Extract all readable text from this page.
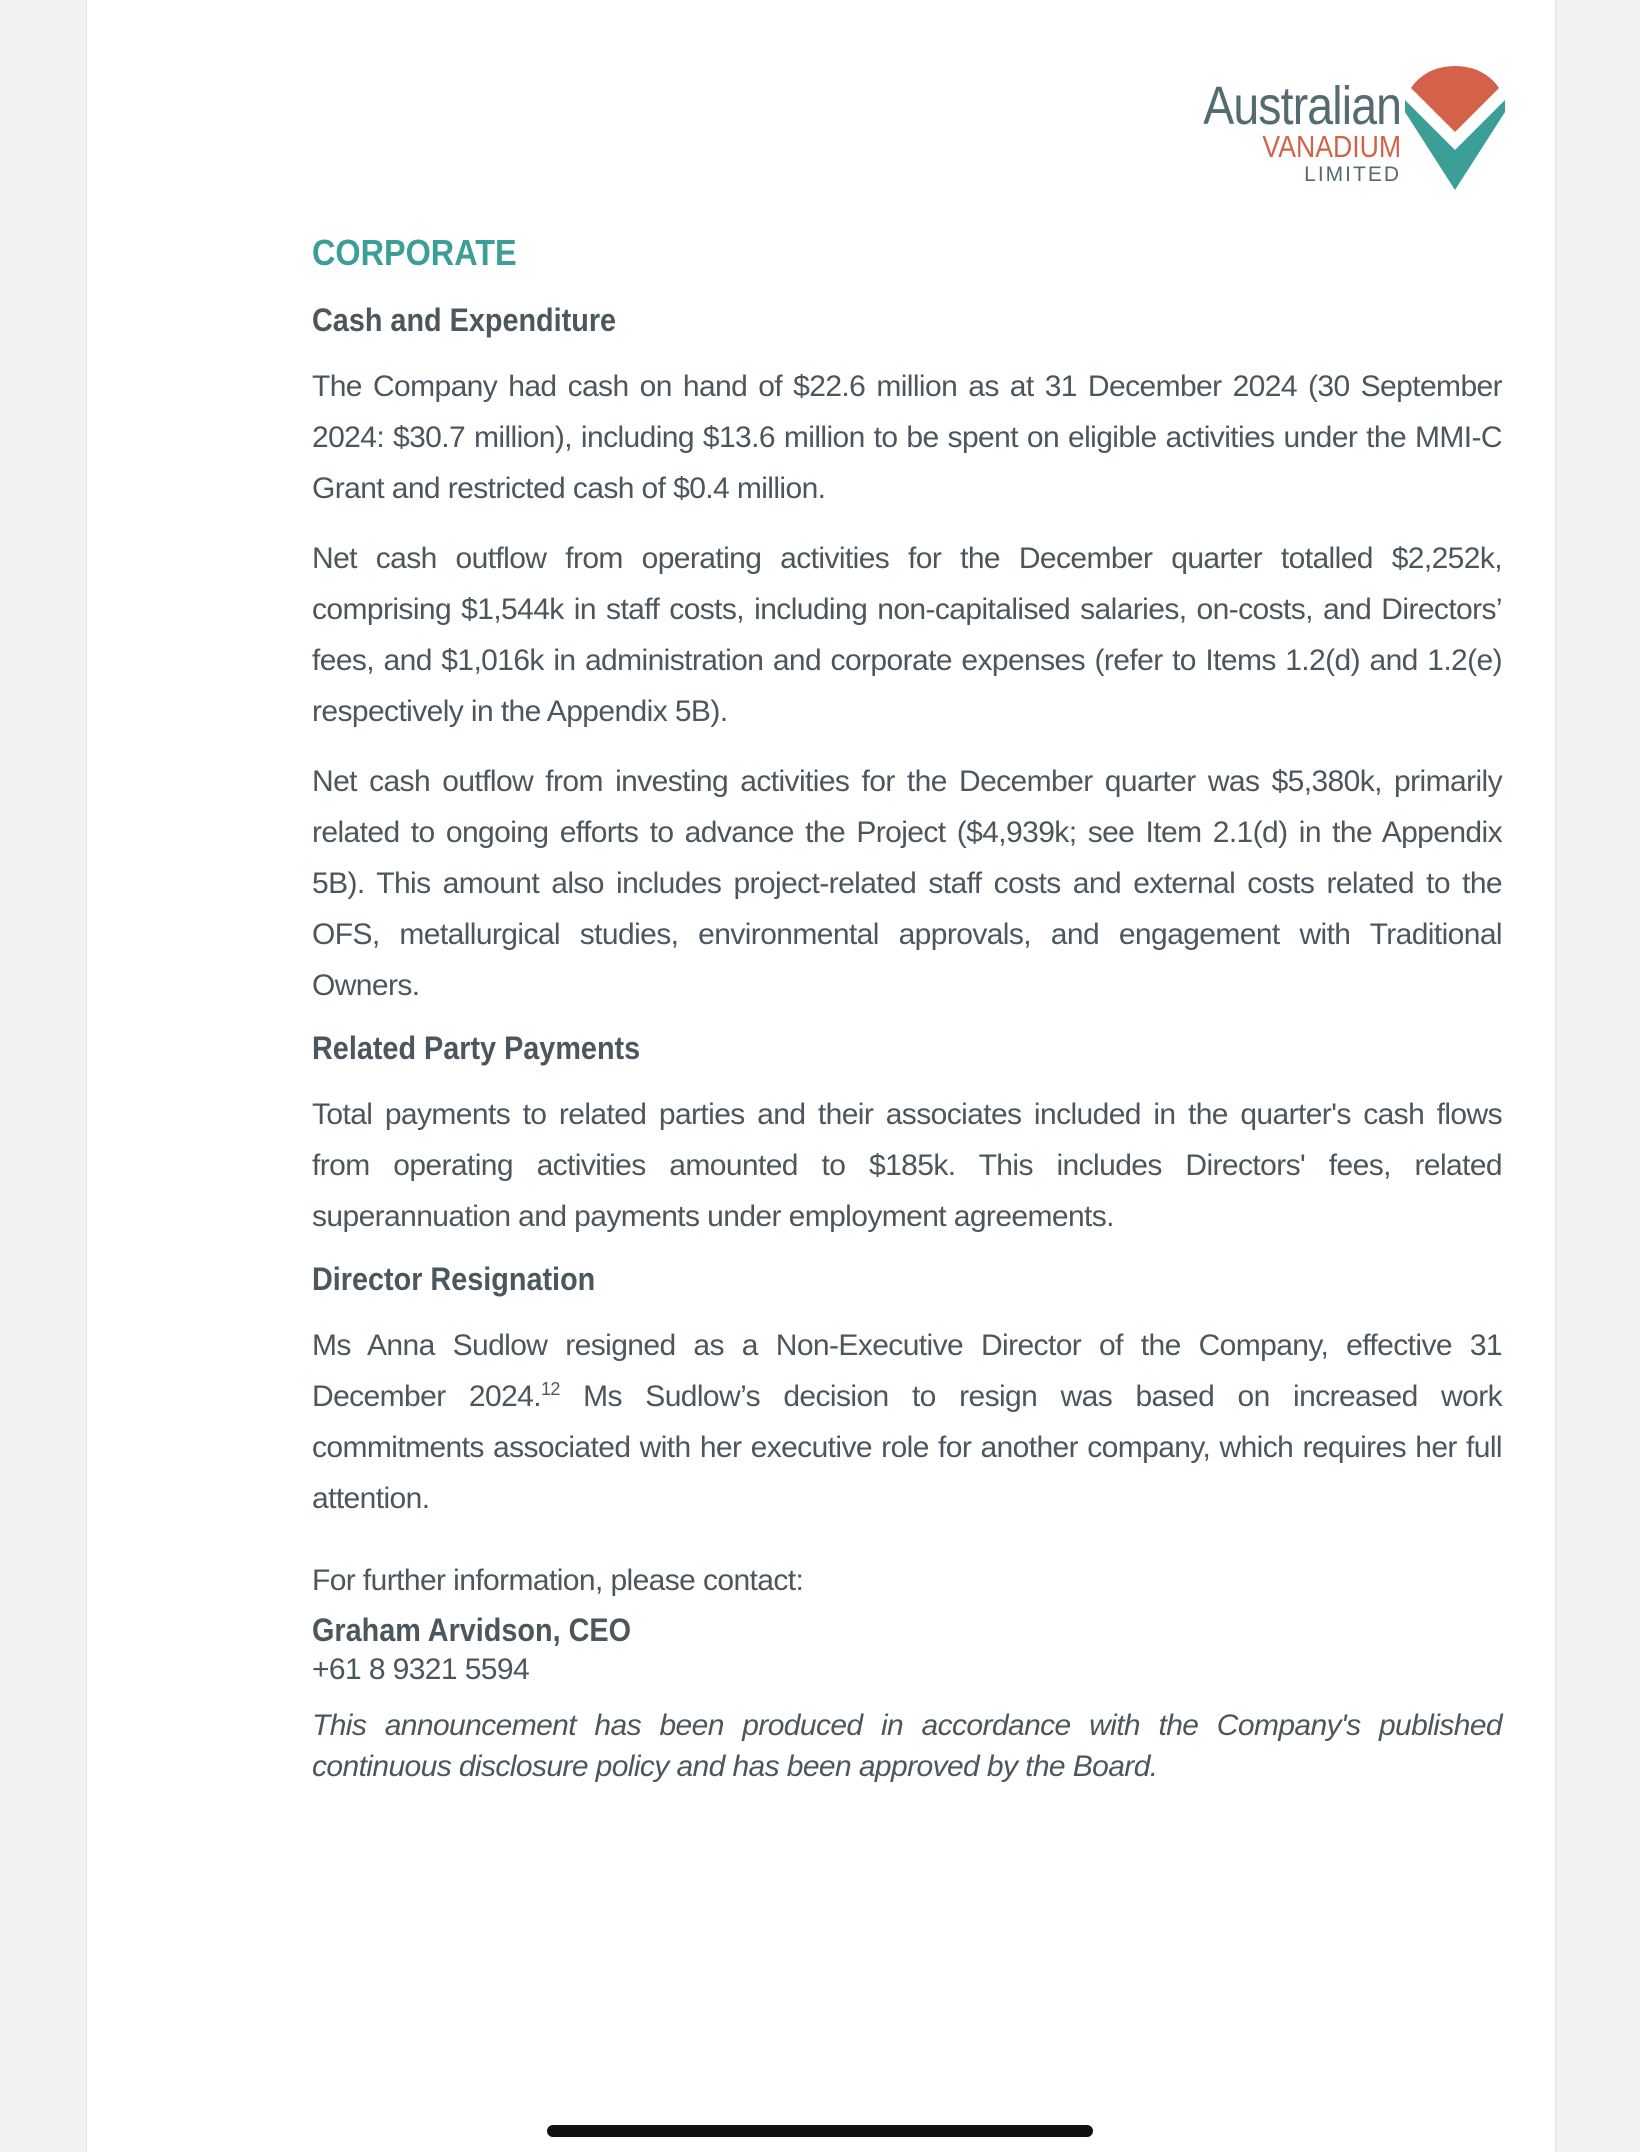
Australian
VANADIUM
LIMITED
CORPORATE
Cash and Expenditure

The Company had cash on hand of $22.6 million as at 31 December 2024 (30 September 2024: $30.7 million), including $13.6 million to be spent on eligible activities under the MMI-C Grant and restricted cash of $0.4 million.

Net cash outflow from operating activities for the December quarter totalled $2,252k, comprising $1,544k in staff costs, including non-capitalised salaries, on-costs, and Directors’ fees, and $1,016k in administration and corporate expenses (refer to Items 1.2(d) and 1.2(e) respectively in the Appendix 5B).

Net cash outflow from investing activities for the December quarter was $5,380k, primarily related to ongoing efforts to advance the Project ($4,939k; see Item 2.1(d) in the Appendix 5B). This amount also includes project-related staff costs and external costs related to the OFS, metallurgical studies, environmental approvals, and engagement with Traditional Owners.

Related Party Payments

Total payments to related parties and their associates included in the quarter's cash flows from operating activities amounted to $185k. This includes Directors' fees, related superannuation and payments under employment agreements.

Director Resignation

Ms Anna Sudlow resigned as a Non-Executive Director of the Company, effective 31 December 2024.12 Ms Sudlow’s decision to resign was based on increased work commitments associated with her executive role for another company, which requires her full attention.

For further information, please contact:
Graham Arvidson, CEO
+61 8 9321 5594

This announcement has been produced in accordance with the Company's published continuous disclosure policy and has been approved by the Board.
